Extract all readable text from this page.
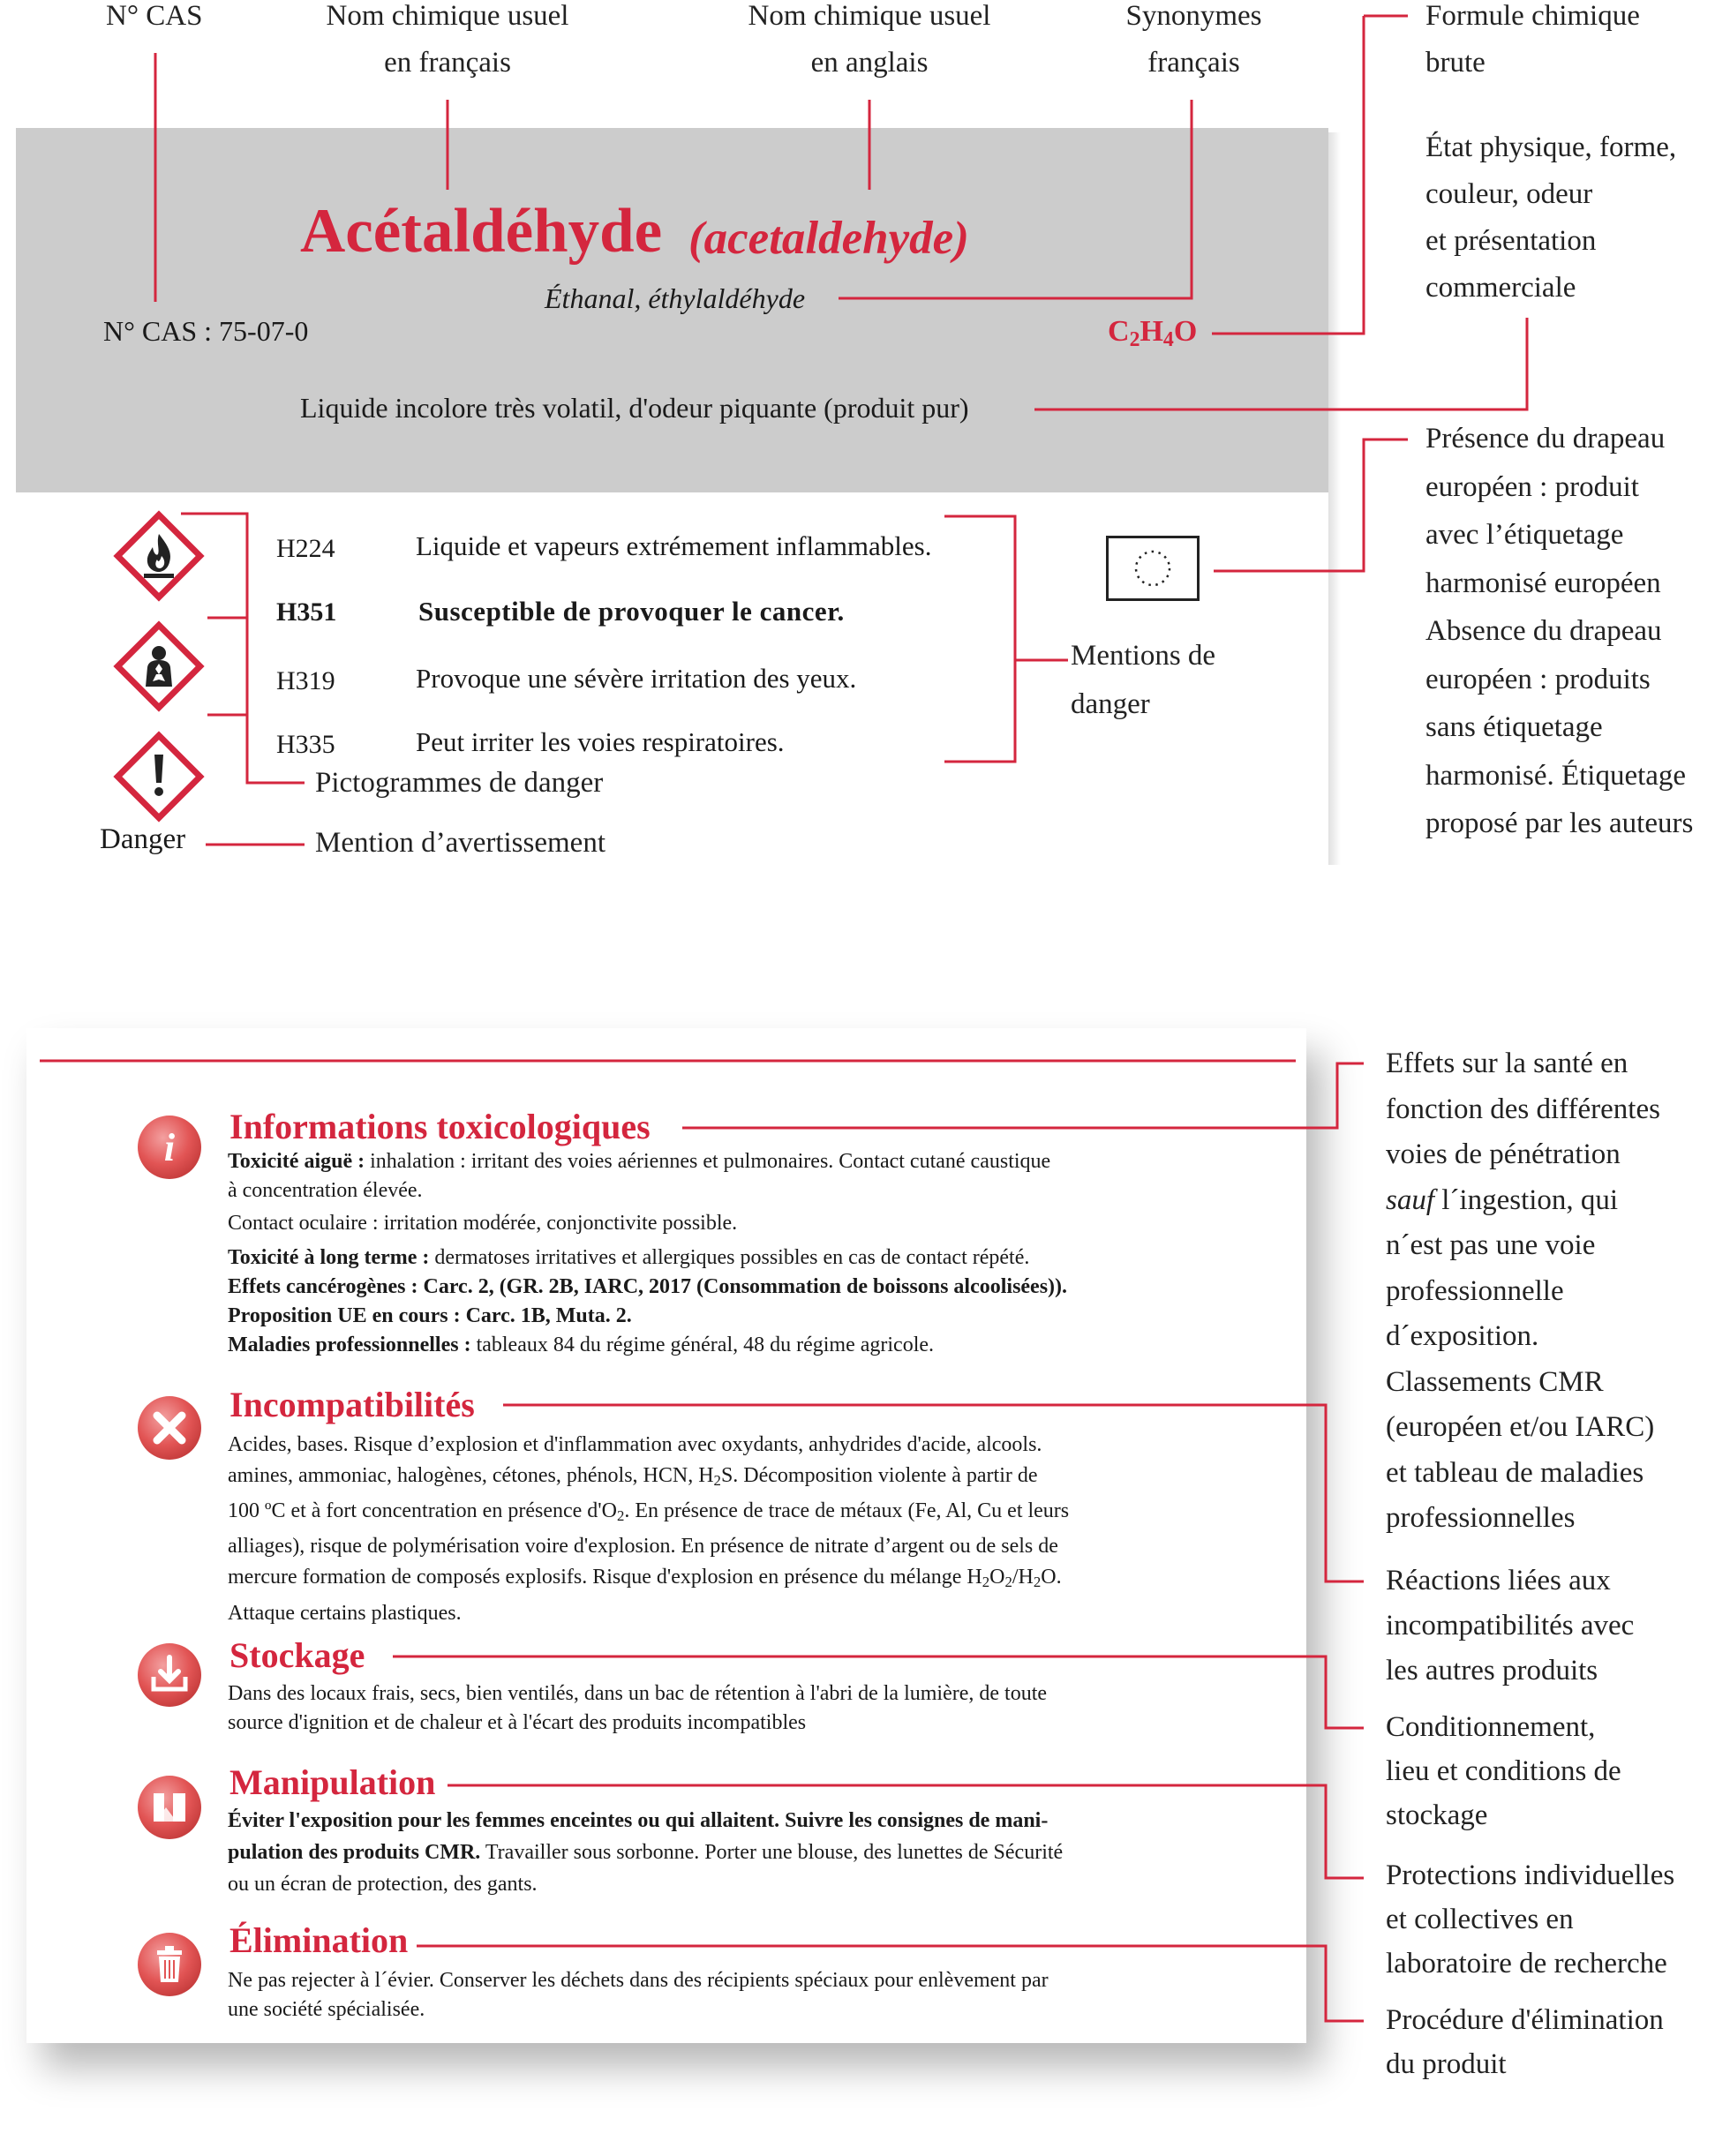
N° CAS	Nom chimique usuel
en français
Nom chimique usuel
en anglais
Synonymes
français
Formule chimique
brute
État physique, forme,
couleur, odeur
et présentation
commerciale
Présence du drapeau
européen : produit
avec l’étiquetage
harmonisé européen
Absence du drapeau
européen : produits
sans étiquetage
harmonisé. Étiquetage
proposé par les auteurs
Acétaldéhyde (acetaldehyde)
Éthanal, éthylaldéhyde
N° CAS : 75-07-0	$C_2H_4O$
Liquide incolore très volatil, d'odeur piquante (produit pur)
Danger
Pictogrammes de danger
Mention d’avertissement
H224	Liquide et vapeurs extrémement inflammables.
H351	Susceptible de provoquer le cancer.
H319	Provoque une sévère irritation des yeux.
H335	Peut irriter les voies respiratoires.
Mentions de
danger
i Informations toxicologiques
Toxicité aiguë : inhalation : irritant des voies aériennes et pulmonaires. Contact cutané caustique
à concentration élevée.
Contact oculaire : irritation modérée, conjonctivite possible.
Toxicité à long terme : dermatoses irritatives et allergiques possibles en cas de contact répété.
Effets cancérogènes : Carc. 2, (GR. 2B, IARC, 2017 (Consommation de boissons alcoolisées)).
Proposition UE en cours : Carc. 1B, Muta. 2.
Maladies professionnelles : tableaux 84 du régime général, 48 du régime agricole.
Incompatibilités
Acides, bases. Risque d’explosion et d'inflammation avec oxydants, anhydrides d'acide, alcools.
amines, ammoniac, halogènes, cétones, phénols, HCN, $H_2S$. Décomposition violente à partir de
100 ºC et à fort concentration en présence $d'O_2$. En présence de trace de métaux (Fe, Al, Cu et leurs
alliages), risque de polymérisation voire d'explosion. En présence de nitrate d’argent ou de sels de
mercure formation de composés explosifs. Risque d'explosion en présence du mélange $H_2O_2/H_2O$.
Attaque certains plastiques.
Stockage
Dans des locaux frais, secs, bien ventilés, dans un bac de rétention à l'abri de la lumière, de toute
source d'ignition et de chaleur et à l'écart des produits incompatibles
Manipulation
Éviter l'exposition pour les femmes enceintes ou qui allaitent. Suivre les consignes de mani-
pulation des produits CMR. Travailler sous sorbonne. Porter une blouse, des lunettes de Sécurité
ou un écran de protection, des gants.
Élimination
Ne pas rejecter à l´évier. Conserver les déchets dans des récipients spéciaux pour enlèvement par
une société spécialisée.
Effets sur la santé en
fonction des différentes
voies de pénétration
sauf l´ingestion, qui
n´est pas une voie
professionnelle
d´exposition.
Classements CMR
(européen et/ou IARC)
et tableau de maladies
professionnelles
Réactions liées aux
incompatibilités avec
les autres produits
Conditionnement,
lieu et conditions de
stockage
Protections individuelles
et collectives en
laboratoire de recherche
Procédure d'élimination
du produit
